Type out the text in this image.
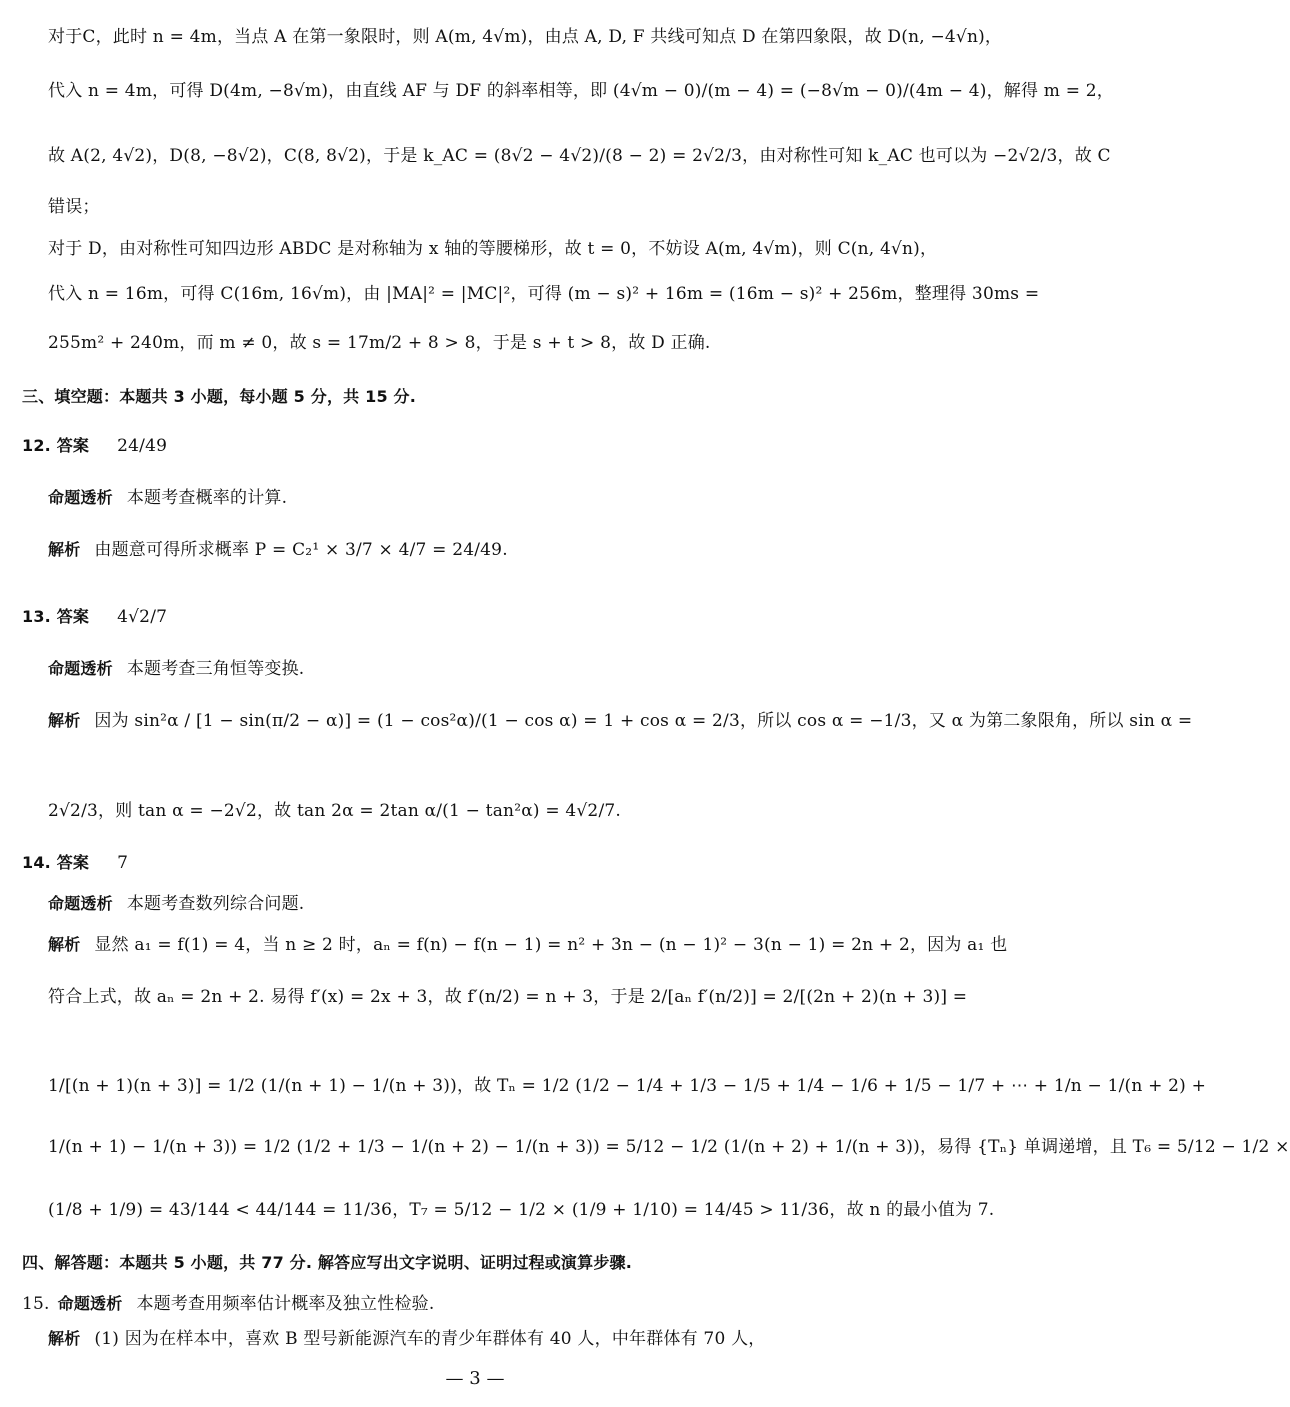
对于C，此时 n = 4m，当点 A 在第一象限时，则 A(m, 4√m)，由点 A, D, F 共线可知点 D 在第四象限，故 D(n, −4√n)，
代入 n = 4m，可得 D(4m, −8√m)，由直线 AF 与 DF 的斜率相等，即 (4√m − 0)/(m − 4) = (−8√m − 0)/(4m − 4)，解得 m = 2，
故 A(2, 4√2)，D(8, −8√2)，C(8, 8√2)，于是 k_AC = (8√2 − 4√2)/(8 − 2) = 2√2/3，由对称性可知 k_AC 也可以为 −2√2/3，故 C
错误；
对于 D，由对称性可知四边形 ABDC 是对称轴为 x 轴的等腰梯形，故 t = 0，不妨设 A(m, 4√m)，则 C(n, 4√n)，
代入 n = 16m，可得 C(16m, 16√m)，由 |MA|² = |MC|²，可得 (m − s)² + 16m = (16m − s)² + 256m，整理得 30ms =
255m² + 240m，而 m ≠ 0，故 s = 17m/2 + 8 > 8，于是 s + t > 8，故 D 正确.
三、填空题：本题共 3 小题，每小题 5 分，共 15 分.
12. 答案 24/49
命题透析 本题考查概率的计算.
解析 由题意可得所求概率 P = C₂¹ × 3/7 × 4/7 = 24/49.
13. 答案 4√2/7
命题透析 本题考查三角恒等变换.
解析 因为 sin²α / [1 − sin(π/2 − α)] = (1 − cos²α)/(1 − cos α) = 1 + cos α = 2/3，所以 cos α = −1/3，又 α 为第二象限角，所以 sin α =
2√2/3，则 tan α = −2√2，故 tan 2α = 2tan α/(1 − tan²α) = 4√2/7.
14. 答案 7
命题透析 本题考查数列综合问题.
解析 显然 a₁ = f(1) = 4，当 n ≥ 2 时，aₙ = f(n) − f(n − 1) = n² + 3n − (n − 1)² − 3(n − 1) = 2n + 2，因为 a₁ 也
符合上式，故 aₙ = 2n + 2. 易得 f′(x) = 2x + 3，故 f′(n/2) = n + 3，于是 2/[aₙ f′(n/2)] = 2/[(2n + 2)(n + 3)] =
1/[(n + 1)(n + 3)] = 1/2 (1/(n + 1) − 1/(n + 3))，故 Tₙ = 1/2 (1/2 − 1/4 + 1/3 − 1/5 + 1/4 − 1/6 + 1/5 − 1/7 + ⋯ + 1/n − 1/(n + 2) +
1/(n + 1) − 1/(n + 3)) = 1/2 (1/2 + 1/3 − 1/(n + 2) − 1/(n + 3)) = 5/12 − 1/2 (1/(n + 2) + 1/(n + 3))，易得 {Tₙ} 单调递增，且 T₆ = 5/12 − 1/2 ×
(1/8 + 1/9) = 43/144 < 44/144 = 11/36，T₇ = 5/12 − 1/2 × (1/9 + 1/10) = 14/45 > 11/36，故 n 的最小值为 7.
四、解答题：本题共 5 小题，共 77 分. 解答应写出文字说明、证明过程或演算步骤.
15. 命题透析 本题考查用频率估计概率及独立性检验.
解析 (1) 因为在样本中，喜欢 B 型号新能源汽车的青少年群体有 40 人，中年群体有 70 人，
— 3 —
